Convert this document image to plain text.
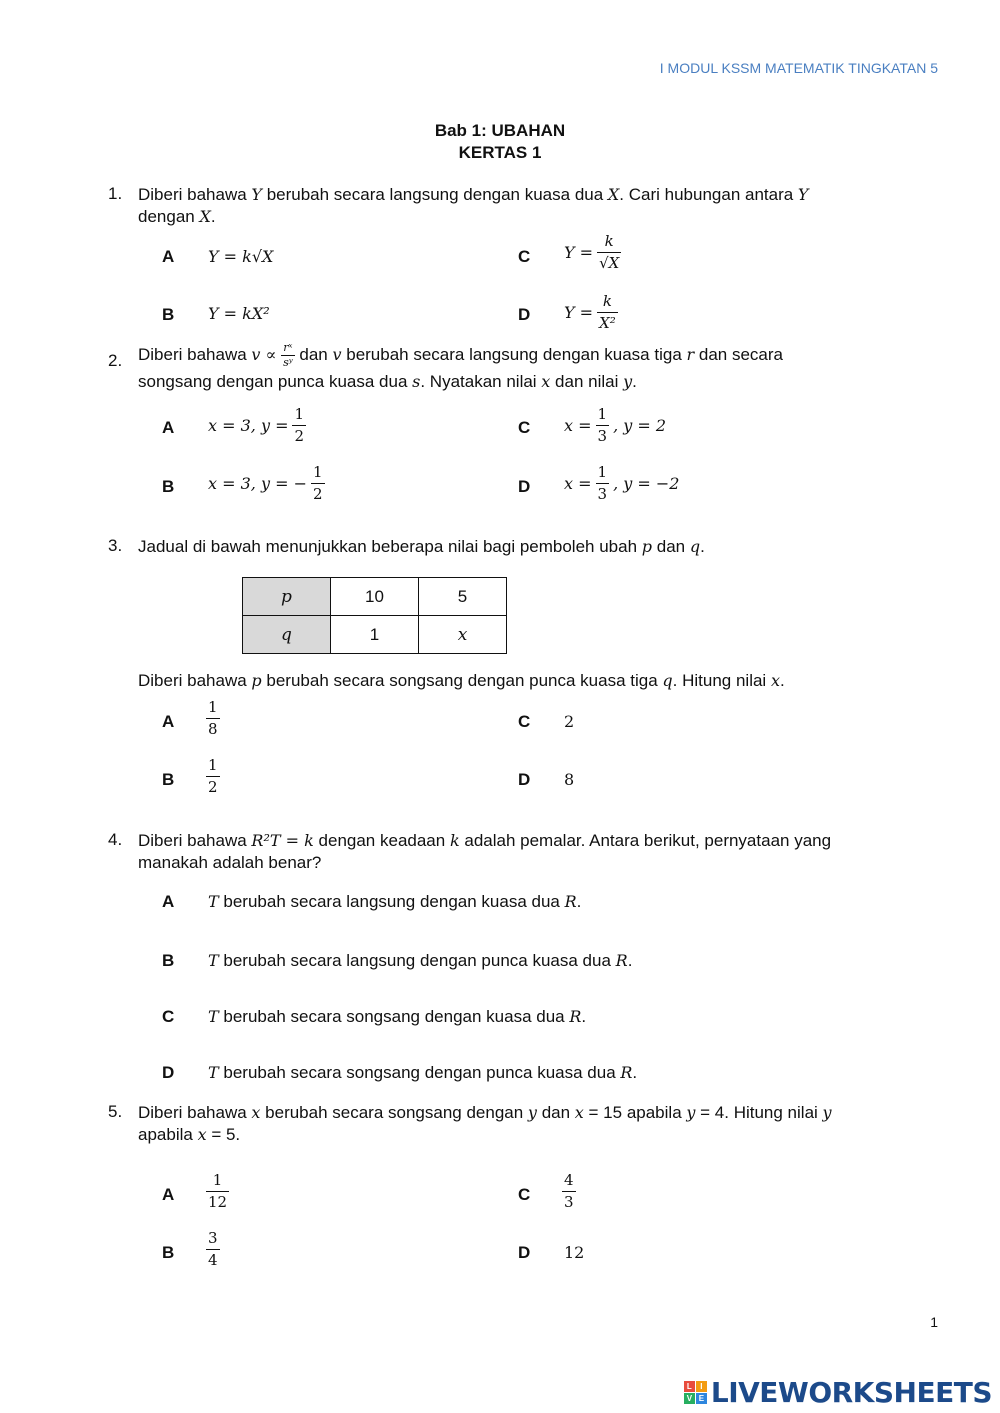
I MODUL KSSM MATEMATIK TINGKATAN 5
Bab 1: UBAHAN
KERTAS 1
1. Diberi bahawa Y berubah secara langsung dengan kuasa dua X. Cari hubungan antara Y
dengan X.
A Y = k√X
B Y = kX²
C $Y = \frac{k}{√X}$
D $Y = \frac{k}{\text{X²}}$
2. Diberi bahawa $v \propto \frac{\text{rˣ}}{\text{sʸ}}$ dan v berubah secara langsung dengan kuasa tiga r dan secara
songsang dengan punca kuasa dua s. Nyatakan nilai x dan nilai y.
A x = 3, $y = \frac{1}{2}$
B x = 3, y = − $\frac{1}{2}$
C $x = \frac{1}{3}$ , y = 2
D $x = \frac{1}{3}$ , y = −2
3. Jadual di bawah menunjukkan beberapa nilai bagi pemboleh ubah p dan q.
p	10	5
q	1	x
Diberi bahawa p berubah secara songsang dengan punca kuasa tiga q. Hitung nilai x.
A $\frac{1}{8}$
B $\frac{1}{2}$
C 2
D 8
4. Diberi bahawa R²T = k dengan keadaan k adalah pemalar. Antara berikut, pernyataan yang
manakah adalah benar?
A T berubah secara langsung dengan kuasa dua R.
B T berubah secara langsung dengan punca kuasa dua R.
C T berubah secara songsang dengan kuasa dua R.
D T berubah secara songsang dengan punca kuasa dua R.
5. Diberi bahawa x berubah secara songsang dengan y dan x = 15 apabila y = 4. Hitung nilai y
apabila x = 5.
A $\frac{1}{12}$
B $\frac{3}{4}$
C $\frac{4}{3}$
D 12
1
L	I
V E LIVEWORKSHEETS
